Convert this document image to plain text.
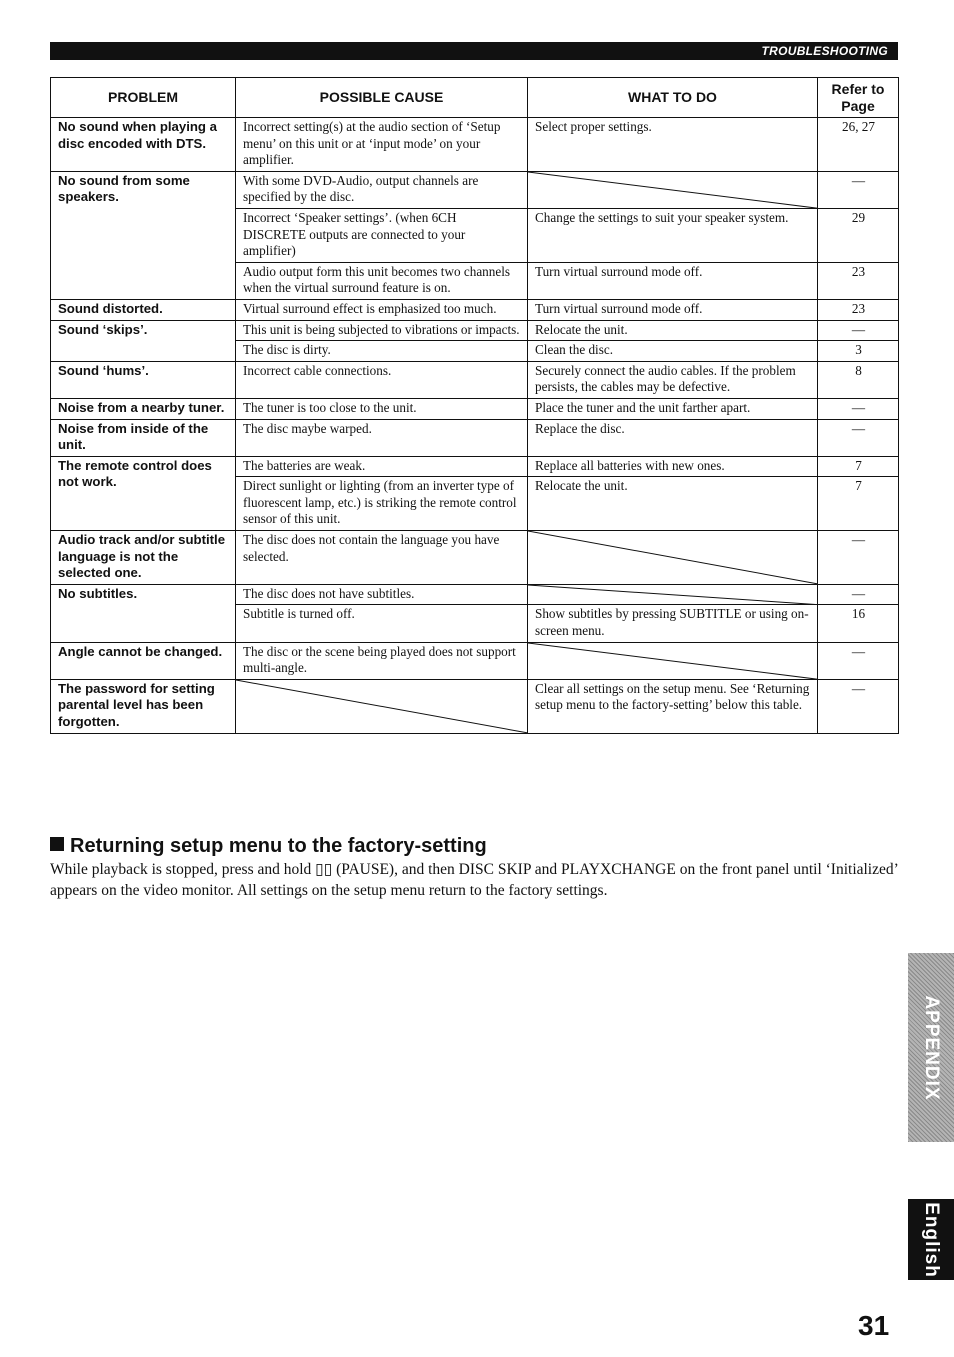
TROUBLESHOOTING
PROBLEM	POSSIBLE CAUSE	WHAT TO DO	Refer to Page
No sound when playing a disc encoded with DTS.	Incorrect setting(s) at the audio section of ‘Setup menu’ on this unit or at ‘input mode’ on your amplifier.	Select proper settings.	26, 27
No sound from some speakers.	With some DVD-Audio, output channels are specified by the disc.		—
	Incorrect ‘Speaker settings’. (when 6CH DISCRETE outputs are connected to your amplifier)	Change the settings to suit your speaker system.	29
	Audio output form this unit becomes two channels when the virtual surround feature is on.	Turn virtual surround mode off.	23
Sound distorted.	Virtual surround effect is emphasized too much.	Turn virtual surround mode off.	23
Sound ‘skips’.	This unit is being subjected to vibrations or impacts.	Relocate the unit.	—
	The disc is dirty.	Clean the disc.	3
Sound ‘hums’.	Incorrect cable connections.	Securely connect the audio cables. If the problem persists, the cables may be defective.	8
Noise from a nearby tuner.	The tuner is too close to the unit.	Place the tuner and the unit farther apart.	—
Noise from inside of the unit.	The disc maybe warped.	Replace the disc.	—
The remote control does not work.	The batteries are weak.	Replace all batteries with new ones.	7
	Direct sunlight or lighting (from an inverter type of fluorescent lamp, etc.) is striking the remote control sensor of this unit.	Relocate the unit.	7
Audio track and/or subtitle language is not the selected one.	The disc does not contain the language you have selected.		—
No subtitles.	The disc does not have subtitles.		—
	Subtitle is turned off.	Show subtitles by pressing SUBTITLE or using on-screen menu.	16
Angle cannot be changed.	The disc or the scene being played does not support multi-angle.		—
The password for setting parental level has been forgotten.		Clear all settings on the setup menu. See ‘Returning setup menu to the factory-setting’ below this table.	—
Returning setup menu to the factory-setting

While playback is stopped, press and hold ▯▯ (PAUSE), and then DISC SKIP and PLAYXCHANGE on the front panel until ‘Initialized’ appears on the video monitor. All settings on the setup menu return to the factory settings.

APPENDIX
English
31
